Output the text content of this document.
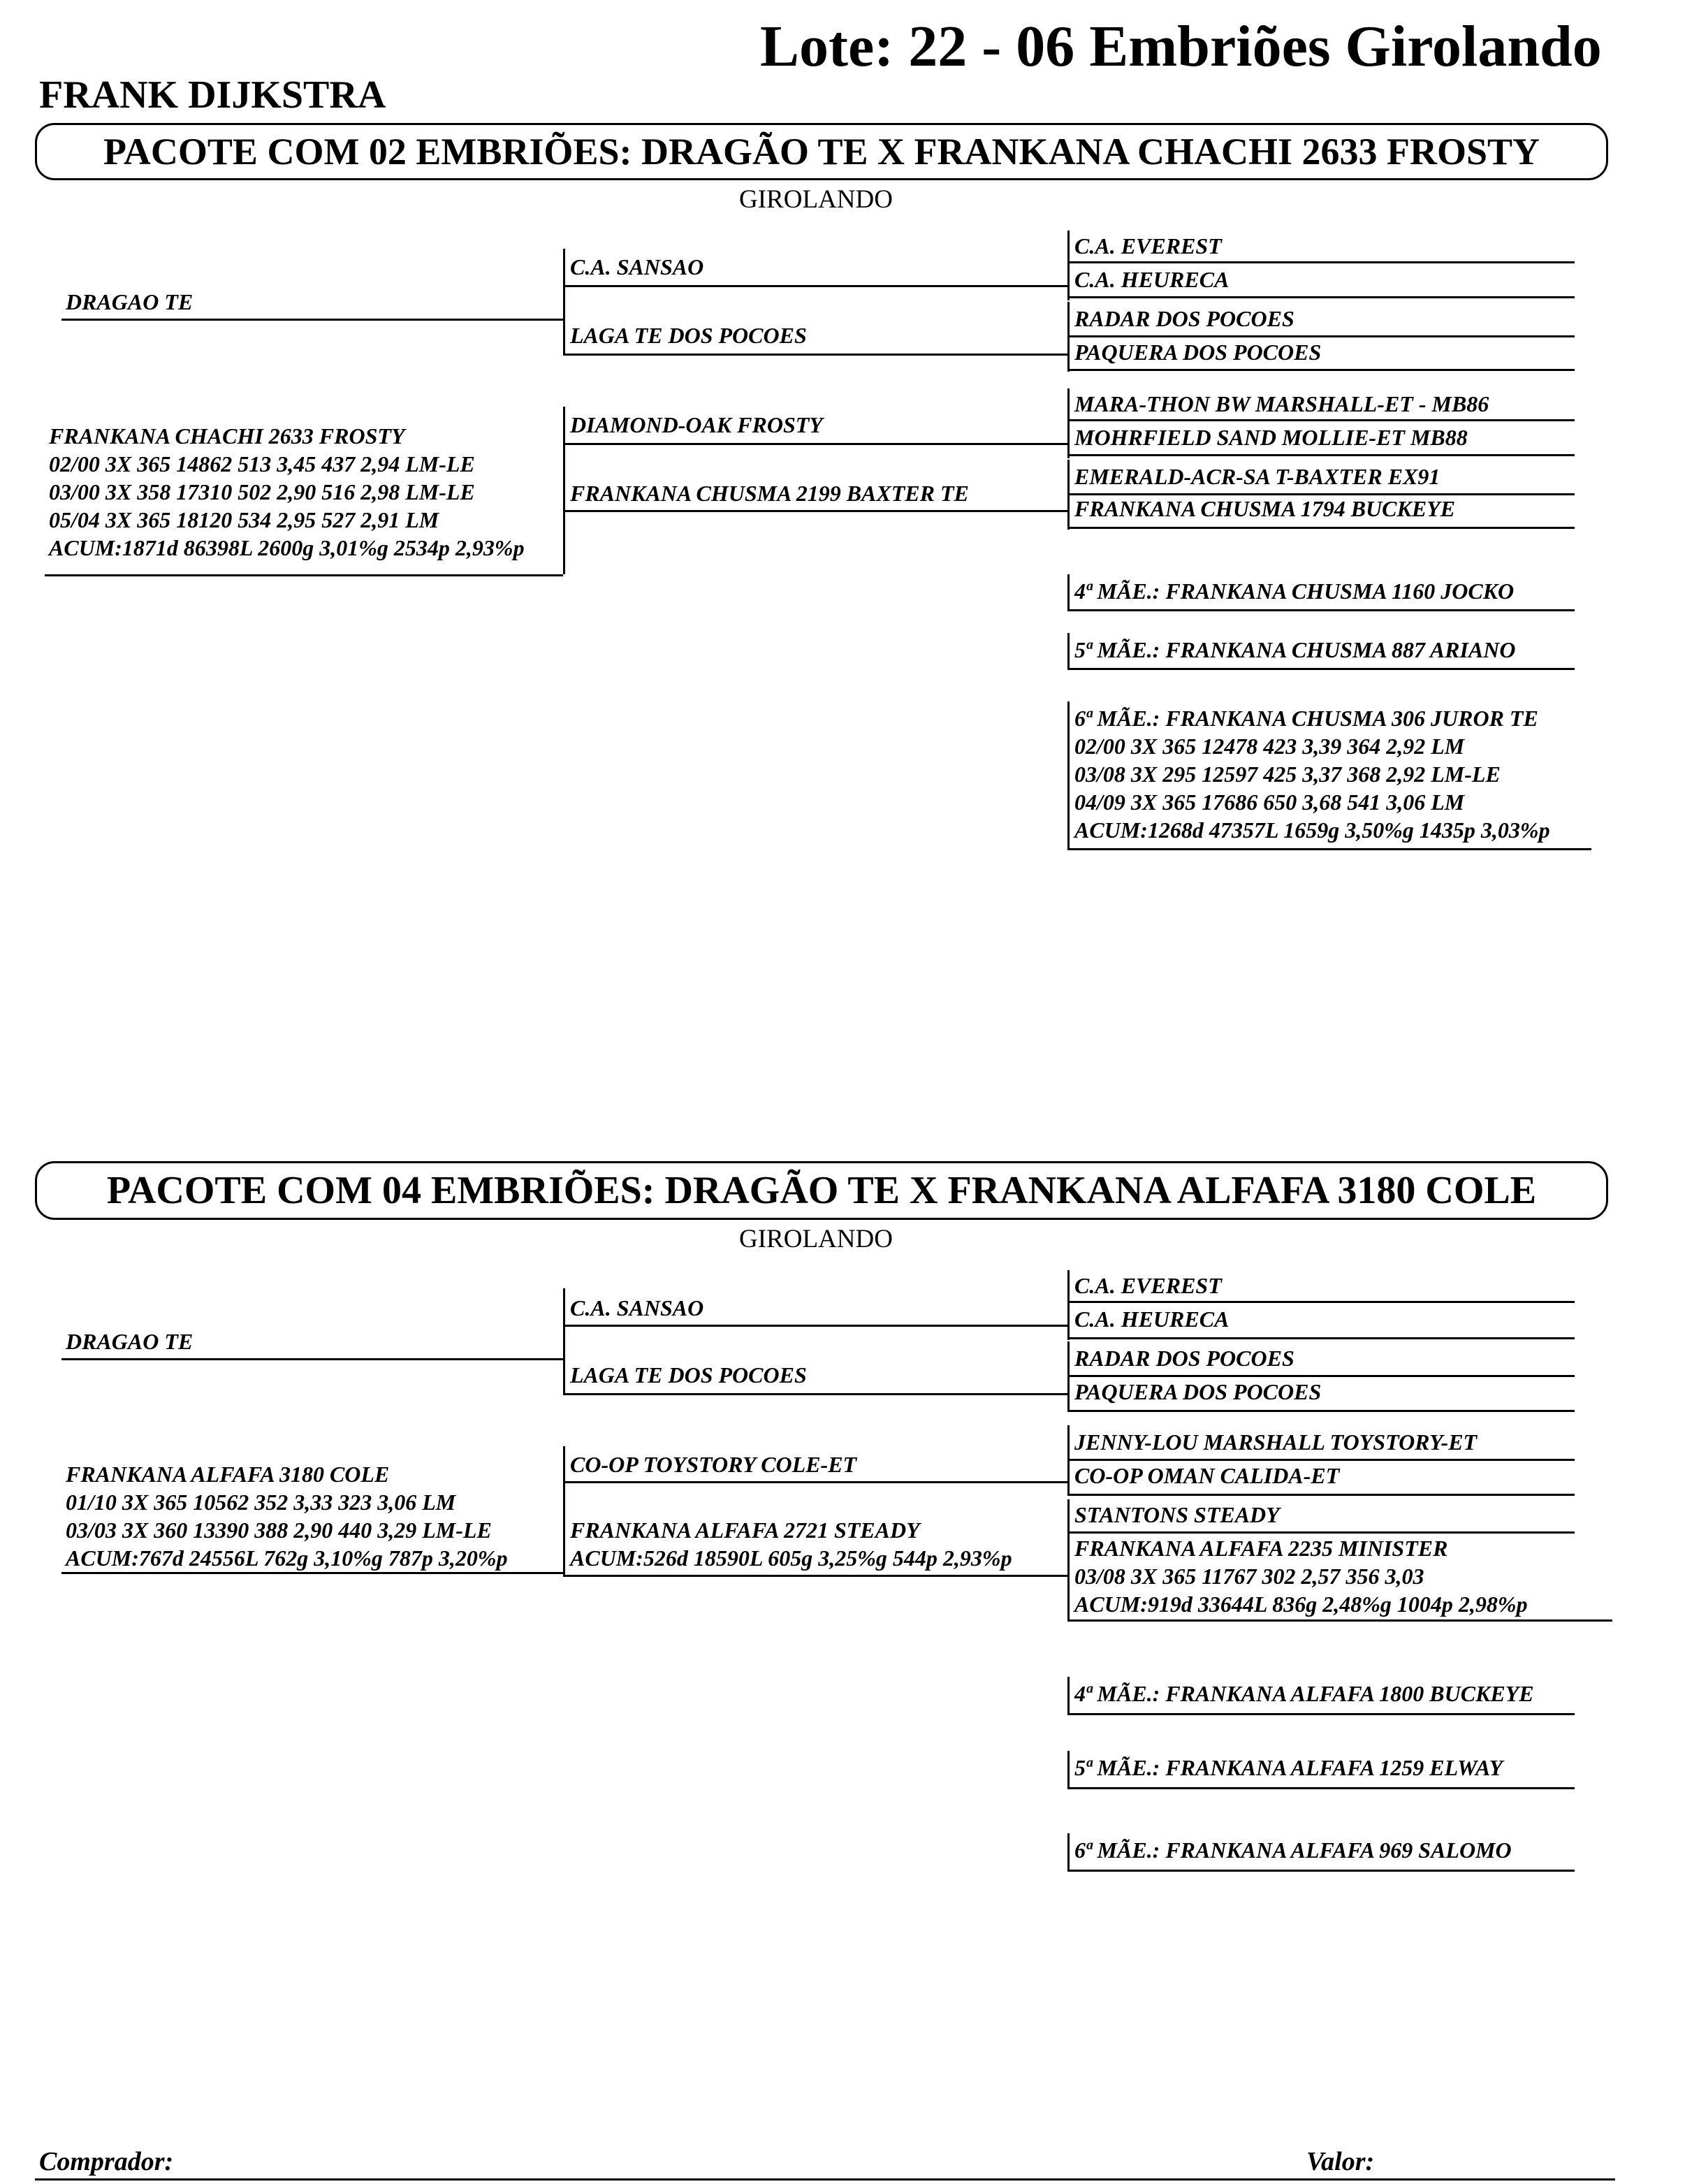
Lote: 22 - 06 Embriões Girolando
FRANK DIJKSTRA
PACOTE COM 02 EMBRIÕES: DRAGÃO TE X FRANKANA CHACHI 2633 FROSTY
GIROLANDO
DRAGAO TE
C.A. SANSAO
LAGA TE DOS POCOES
FRANKANA CHACHI 2633 FROSTY
02/00 3X 365 14862 513 3,45 437 2,94 LM-LE
03/00 3X 358 17310 502 2,90 516 2,98 LM-LE
05/04 3X 365 18120 534 2,95 527 2,91 LM
ACUM:1871d 86398L 2600g 3,01%g 2534p 2,93%p
DIAMOND-OAK FROSTY
FRANKANA CHUSMA 2199 BAXTER TE
C.A. EVEREST
C.A. HEURECA
RADAR DOS POCOES
PAQUERA DOS POCOES
MARA-THON BW MARSHALL-ET - MB86
MOHRFIELD SAND MOLLIE-ET MB88
EMERALD-ACR-SA T-BAXTER EX91
FRANKANA CHUSMA 1794 BUCKEYE
4ª MÃE.: FRANKANA CHUSMA 1160 JOCKO
5ª MÃE.: FRANKANA CHUSMA 887 ARIANO
6ª MÃE.: FRANKANA CHUSMA 306 JUROR TE
02/00 3X 365 12478 423 3,39 364 2,92 LM
03/08 3X 295 12597 425 3,37 368 2,92 LM-LE
04/09 3X 365 17686 650 3,68 541 3,06 LM
ACUM:1268d 47357L 1659g 3,50%g 1435p 3,03%p
PACOTE COM 04 EMBRIÕES: DRAGÃO TE X FRANKANA ALFAFA 3180 COLE
GIROLANDO
DRAGAO TE
C.A. SANSAO
LAGA TE DOS POCOES
FRANKANA ALFAFA 3180 COLE
01/10 3X 365 10562 352 3,33 323 3,06 LM
03/03 3X 360 13390 388 2,90 440 3,29 LM-LE
ACUM:767d 24556L 762g 3,10%g 787p 3,20%p
CO-OP TOYSTORY COLE-ET
FRANKANA ALFAFA 2721 STEADY
ACUM:526d 18590L 605g 3,25%g 544p 2,93%p
C.A. EVEREST
C.A. HEURECA
RADAR DOS POCOES
PAQUERA DOS POCOES
JENNY-LOU MARSHALL TOYSTORY-ET
CO-OP OMAN CALIDA-ET
STANTONS STEADY
FRANKANA ALFAFA 2235 MINISTER
03/08 3X 365 11767 302 2,57 356 3,03
ACUM:919d 33644L 836g 2,48%g 1004p 2,98%p
4ª MÃE.: FRANKANA ALFAFA 1800 BUCKEYE
5ª MÃE.: FRANKANA ALFAFA 1259 ELWAY
6ª MÃE.: FRANKANA ALFAFA 969 SALOMO
Comprador:	Valor:
